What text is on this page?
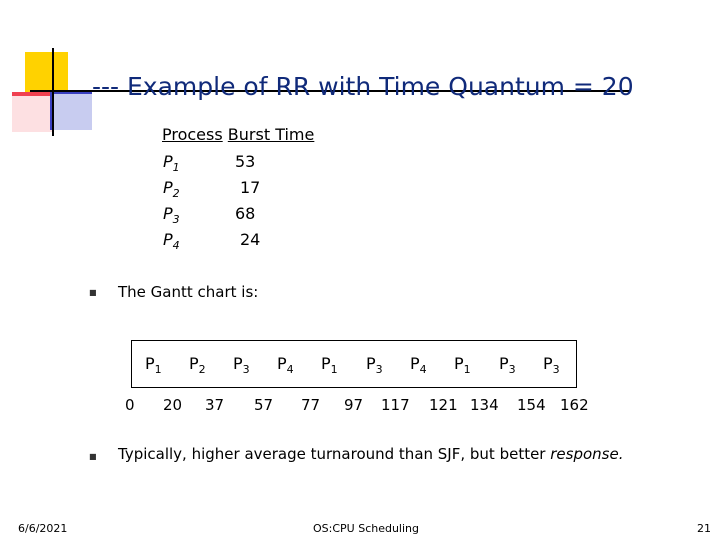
--- Example of RR with Time Quantum = 20
Process Burst Time
$P_1$	53
$P_2$	17
$P_3$	68
$P_4$	24
■ The Gantt chart is:
$P_1$ $P_2$ $P_3$ $P_4$ $P_1$ $P_3$ $P_4$ $P_1$ $P_3$ $P_3$
0 20 37 57 77 97 117 121 134 154 162
■ Typically, higher average turnaround than SJF, but better response.
6/6/2021	OS:CPU Scheduling	21
